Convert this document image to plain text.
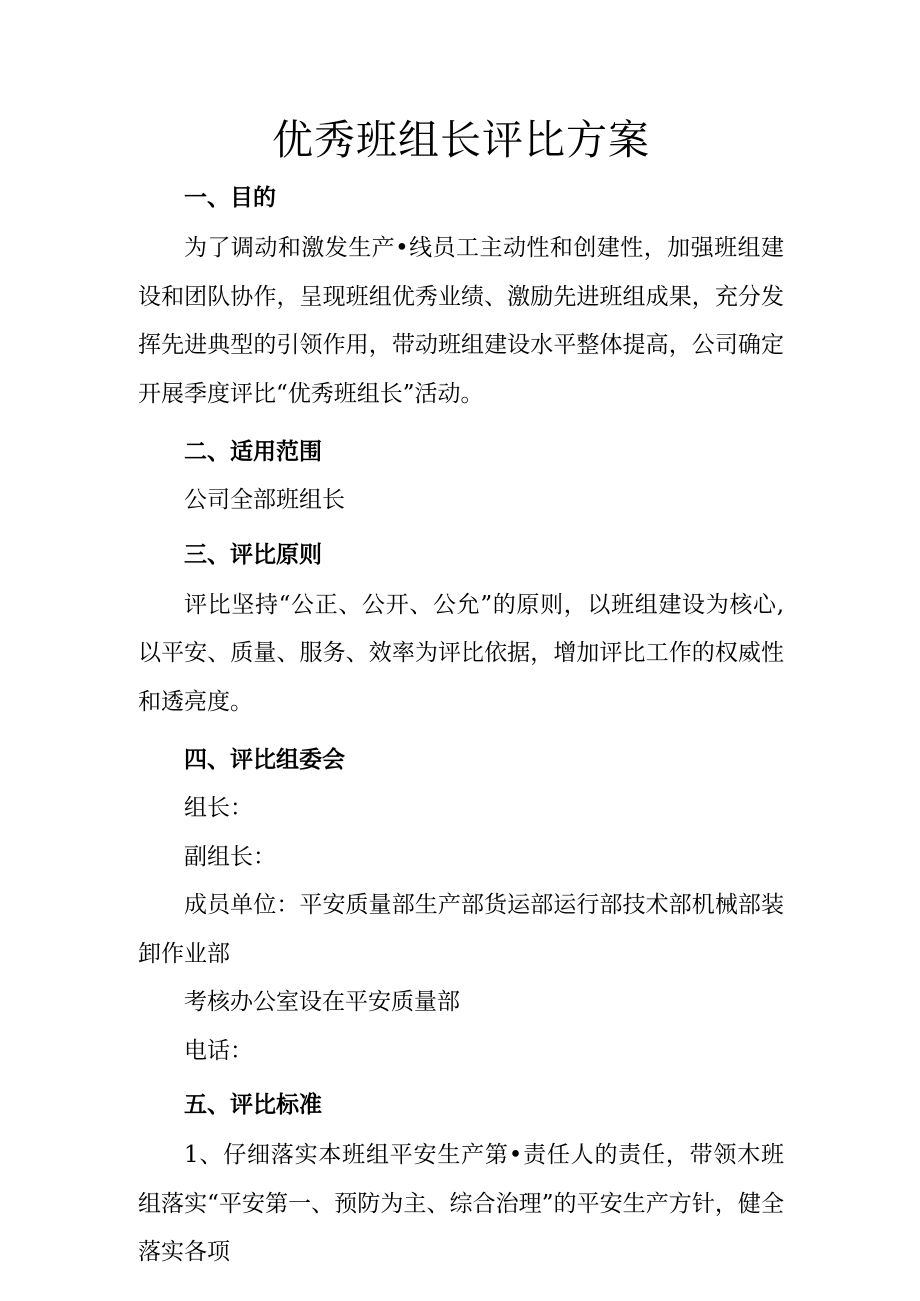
优秀班组长评比方案
一、目的

为了调动和激发生产•线员工主动性和创建性，加强班组建设和团队协作，呈现班组优秀业绩、激励先进班组成果，充分发挥先进典型的引领作用，带动班组建设水平整体提高，公司确定开展季度评比“优秀班组长”活动。

二、适用范围

公司全部班组长

三、评比原则

评比坚持“公正、公开、公允”的原则，以班组建设为核心,以平安、质量、服务、效率为评比依据，增加评比工作的权威性和透亮度。

四、评比组委会

组长：

副组长：

成员单位：平安质量部生产部货运部运行部技术部机械部装卸作业部

考核办公室设在平安质量部

电话：

五、评比标准

1、仔细落实本班组平安生产第•责任人的责任，带领木班组落实“平安第一、预防为主、综合治理”的平安生产方针，健全落实各项
